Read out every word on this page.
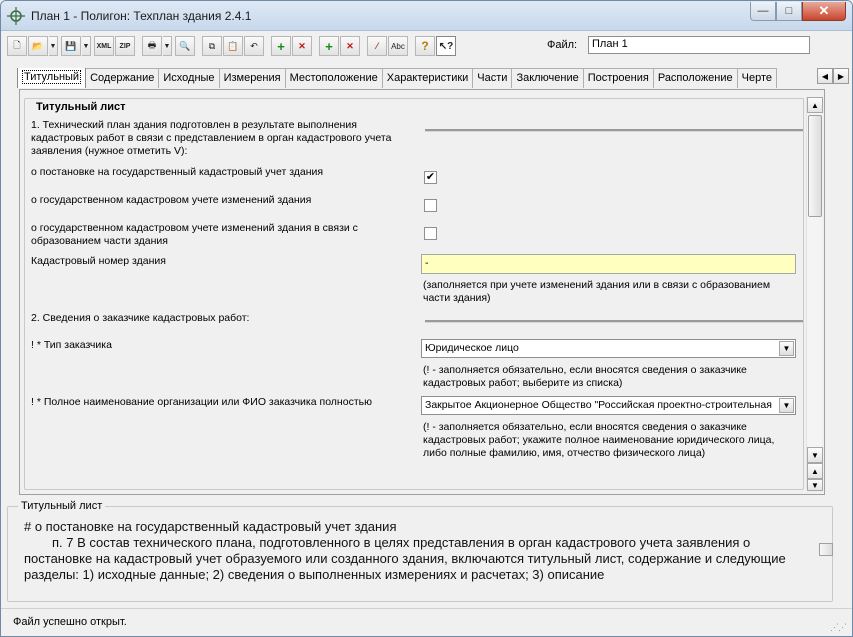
План 1 - Полигон: Техплан здания 2.4.1	—	□	✕
🗋	📂 ▼ 💾 ▼ XML ZIP	🖶	▼ 🔍	⧉	📋	↶	+	✕	+	✕	⁄	Abc	?	↖?	Файл:	План 1
Титульный	Содержание Исходные Измерения Местоположение Характеристики Части Заключение Построения Расположение Черте	◀	▶
Титульный лист
1. Технический план здания подготовлен в результате выполнения кадастровых работ в связи с представлением в орган кадастрового учета заявления (нужное отметить V):
о постановке на государственный кадастровый учет здания	✔
о государственном кадастровом учете изменений здания
о государственном кадастровом учете изменений здания в связи с образованием части здания
Кадастровый номер здания	-
(заполняется при учете изменений здания или в связи с образованием части здания)
2. Сведения о заказчике кадастровых работ:
! * Тип заказчика	Юридическое лицо	▼
(! - заполняется обязательно, если вносятся сведения о заказчике кадастровых работ; выберите из списка)
! * Полное наименование организации или ФИО заказчика полностью	Закрытое Акционерное Общество "Российская проектно-строительная	▼
(! - заполняется обязательно, если вносятся сведения о заказчике кадастровых работ; укажите полное наименование юридического лица, либо полные фамилию, имя, отчество физического лица)
▲
▼
▲
▼
Титульный лист

# о постановке на государственный кадастровый учет здания

п. 7 В состав технического плана, подготовленного в целях представления в орган кадастрового учета заявления о постановке на кадастровый учет образуемого или созданного здания, включаются титульный лист, содержание и следующие разделы: 1) исходные данные; 2) сведения о выполненных измерениях и расчетах; 3) описание

Файл успешно открыт.	⋰⋰
